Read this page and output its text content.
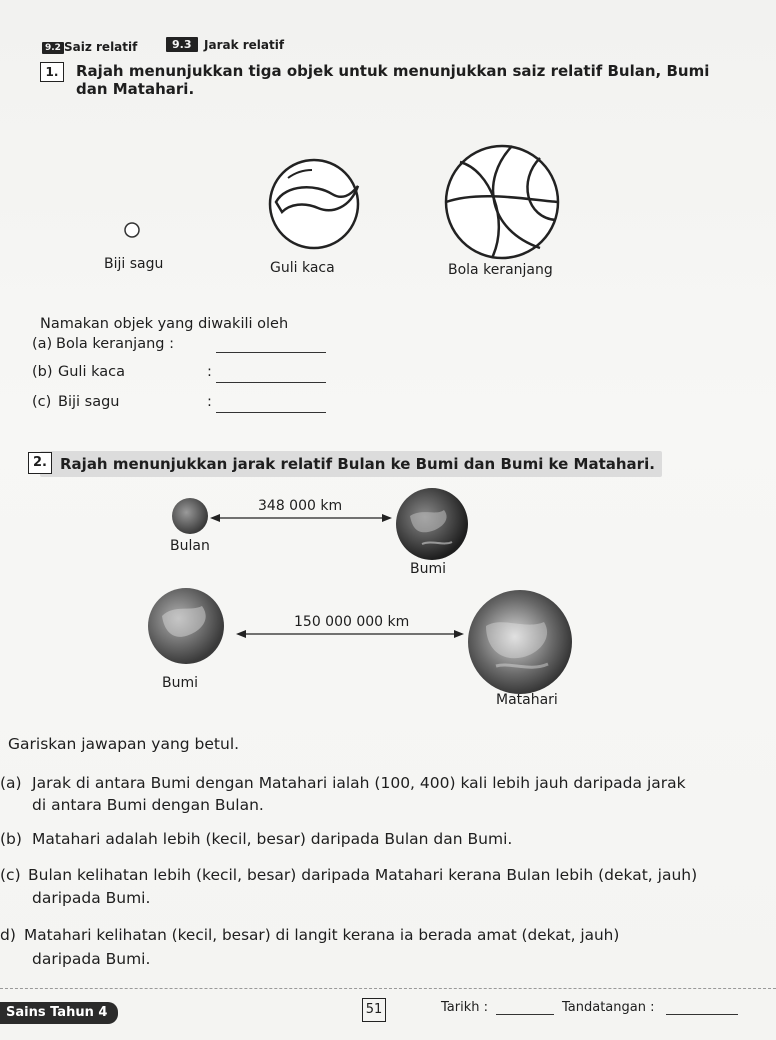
9.2 Saiz relatif	9.3	Jarak relatif
1.	Rajah menunjukkan tiga objek untuk menunjukkan saiz relatif Bulan, Bumi
dan Matahari.
Biji sagu	Guli kaca	Bola keranjang
Namakan objek yang diwakili oleh
(a) Bola keranjang :
(b) Guli kaca	:
(c) Biji sagu	:
2. Rajah menunjukkan jarak relatif Bulan ke Bumi dan Bumi ke Matahari.
348 000 km
Bulan
Bumi
150 000 000 km
Bumi
Matahari
Gariskan jawapan yang betul.
(a) Jarak di antara Bumi dengan Matahari ialah (100, 400) kali lebih jauh daripada jarak
di antara Bumi dengan Bulan.
(b) Matahari adalah lebih (kecil, besar) daripada Bulan dan Bumi.
(c) Bulan kelihatan lebih (kecil, besar) daripada Matahari kerana Bulan lebih (dekat, jauh)
daripada Bumi.
d) Matahari kelihatan (kecil, besar) di langit kerana ia berada amat (dekat, jauh)
daripada Bumi.
Sains Tahun 4	51	Tarikh :	Tandatangan :
